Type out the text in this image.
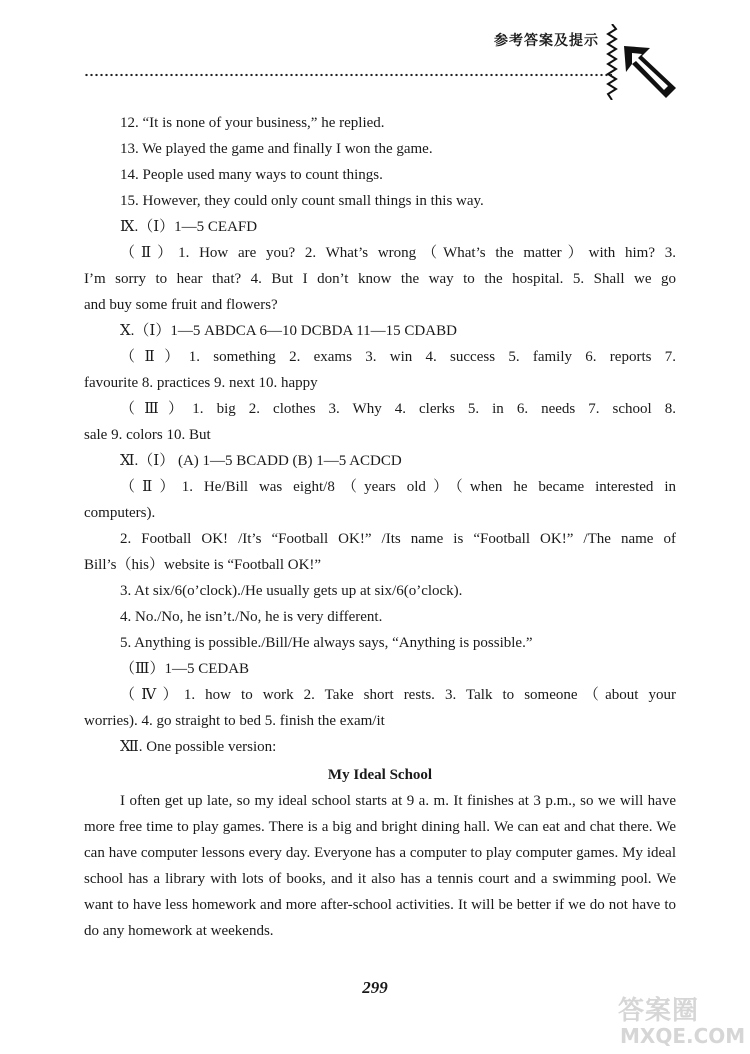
参考答案及提示
12. “It is none of your business,” he replied.
13. We played the game and finally I won the game.
14. People used many ways to count things.
15. However, they could only count small things in this way.
Ⅸ.（Ⅰ）1—5 CEAFD
（Ⅱ）1. How are you? 2. What’s wrong（What’s the matter）with him? 3.
I’m sorry to hear that? 4. But I don’t know the way to the hospital. 5. Shall we go
and buy some fruit and flowers?
Ⅹ.（Ⅰ）1—5 ABDCA 6—10 DCBDA 11—15 CDABD
（Ⅱ）1. something 2. exams 3. win 4. success 5. family 6. reports 7.
favourite 8. practices 9. next 10. happy
（Ⅲ）1. big 2. clothes 3. Why 4. clerks 5. in 6. needs 7. school 8.
sale 9. colors 10. But
Ⅺ.（Ⅰ） (A) 1—5 BCADD (B) 1—5 ACDCD
（Ⅱ）1. He/Bill was eight/8（years old）（when he became interested in
computers).
2. Football OK! /It’s “Football OK!” /Its name is “Football OK!” /The name of
Bill’s（his）website is “Football OK!”
3. At six/6(o’clock)./He usually gets up at six/6(o’clock).
4. No./No, he isn’t./No, he is very different.
5. Anything is possible./Bill/He always says, “Anything is possible.”
（Ⅲ）1—5 CEDAB
（Ⅳ）1. how to work 2. Take short rests. 3. Talk to someone（about your
worries). 4. go straight to bed 5. finish the exam/it
Ⅻ. One possible version:
My Ideal School
I often get up late, so my ideal school starts at 9 a. m. It finishes at 3 p.m., so we will have more free time to play games. There is a big and bright dining hall. We can eat and chat there. We can have computer lessons every day. Everyone has a computer to play computer games. My ideal school has a library with lots of books, and it also has a tennis court and a swimming pool. We want to have less homework and more after-school activities. It will be better if we do not have to do any homework at weekends.
299
答案圈
MXQE.COM
